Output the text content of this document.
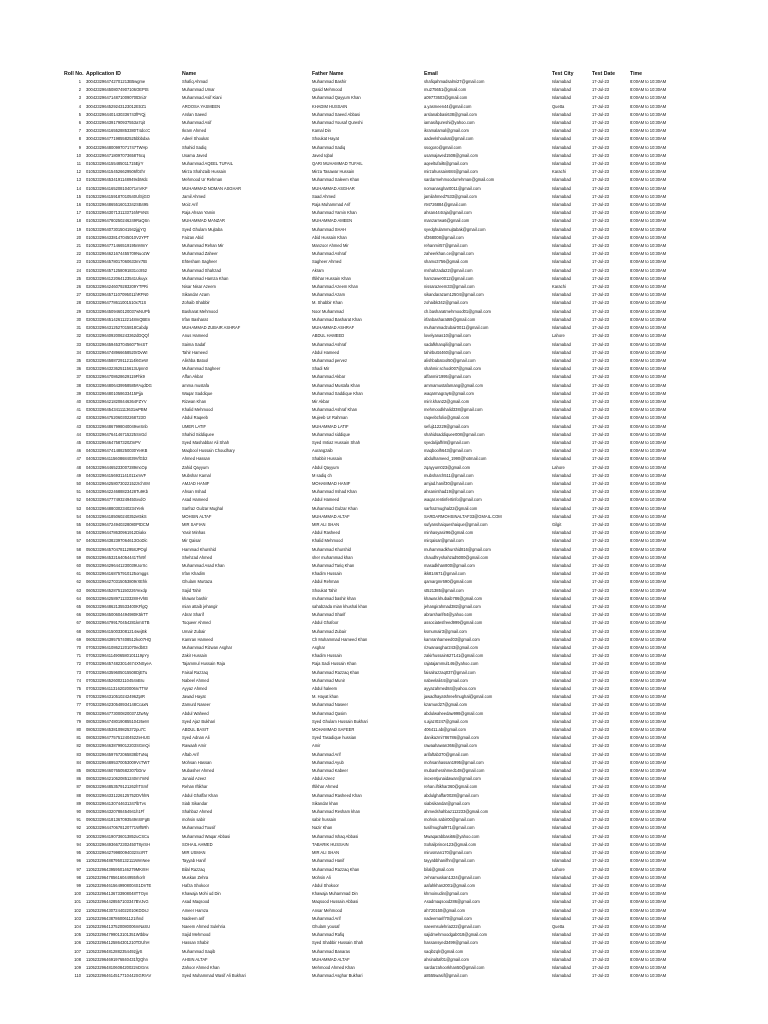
Roll No.	Application ID	Name	Father Name	Email	Test City	Test Date	Time
1	3004232964742701213B5wgme	Shafiq Ahmad	Muhammad Bashir	shafiqahmadsalmi27@gmail.com	Islamabad	17-Jul-23	8:00AM to 10:30AM
2	3004232964508074907106OEPtS	Muhammad Umar	Qasid Mehmood	mu275651@gmail.com	Islamabad	17-Jul-23	8:00AM to 10:30AM
3	3004232964714871009070tDniJr	Muhammad Asif Kiani	Muhammad Qayyum Khan	a09773603@gmail.com	Islamabad	17-Jul-23	8:00AM to 10:30AM
4	3004232964529243123012EtrZ1	AROOSA YASMEEN	KHADIM HUSSAIN	a.yasmeen44@gmail.com	Quetta	17-Jul-23	8:00AM to 10:30AM
5	3004232964401430336743fPrQj	Arslan Saeed	Muhammad Saeed Abbasi	arslanabbasi638@gmail.com	Islamabad	17-Jul-23	8:00AM to 10:30AM
6	3004232964391790937553a7qit	Muhammad Asif	Muhammad Yousaf Qureshi	iamasifqureshi@yahoo.com	Islamabad	17-Jul-23	8:00AM to 10:30AM
7	3004232964165528853380T4dccC	Ikram Ahmed	Kamal Din	ikramalamal@gmail.com	Islamabad	17-Jul-23	8:00AM to 10:30AM
8	3004232964771985582525bbbdxa	Adeel Shoukat	Shoukat Hayat	aadeelshoukat@gmail.com	Islamabad	17-Jul-23	8:00AM to 10:30AM
9	3004232964800997071747TWHp	Shahid Sadiq	Muhammad Sadiq	ssogoro@gmail.com	Islamabad	17-Jul-23	8:00AM to 10:30AM
10	3004232964718097073658T6cq	Usama Javed	Javed Iqbal	usamajaved1508@gmail.com	Islamabad	17-Jul-23	8:00AM to 10:30AM
11	0105232964155485011715EjrY	Muhammad AQEEL TUFAIL	QARI MUHAMMAD TUFAIL	aqeeltufail6@gmail.com	Islamabad	17-Jul-23	8:00AM to 10:30AM
12	0105232964154526629506f0zhr	Mirza Shahzaib Hussain	Mirza Tasawar Hussain	mirzahussain684@gmail.com	Karachi	17-Jul-23	8:00AM to 10:30AM
13	0105232964534191148949xbMdc	Mehmood Ur Rehman	Muhammad Saleem Khan	sardarmehmoodurrehman@gmail.com	Islamabad	17-Jul-23	8:00AM to 10:30AM
14	0105232964165208104071mVKF	MUHAMMAD NOMAN ASGHAR	MUHAMMAD ASGHAR	nomanasghar0011@gmail.com	Islamabad	17-Jul-23	8:00AM to 10:30AM
15	0105232964159187010540UlSjGO	Jamil Ahmed	Saad Ahmed	jamilahmed7533@gmail.com	Islamabad	17-Jul-23	8:00AM to 10:30AM
16	0105232964865516013342SB495	Moiz Arif	Raja Muhammad Arif	r94726884@gmail.com	Islamabad	17-Jul-23	8:00AM to 10:30AM
17	0105232964307131133716hPnNS	Raja Ahsan Yamin	Muhammad Yamin Khan	ahsan444raja@gmail.com	Islamabad	17-Jul-23	8:00AM to 10:30AM
18	0105232964780250246249RaQSn	MUHAMMAD MANZAR	MUHAMMAD AMEEN	manzarrwa6@gmail.com	Islamabad	17-Jul-23	8:00AM to 10:30AM
19	0105232964073015041942jgjYQ	Syed Ghulam Mujtaba	Muhammad SHAH	syedghulammujtabak@gmail.com	Islamabad	17-Jul-23	8:00AM to 10:30AM
20	0105232964338147045010V2YPT	Faizan Abid	Abid Hussain Khan	sf368008@gmail.com	Islamabad	17-Jul-23	8:00AM to 10:30AM
21	0105232964771466519195nMmY	Muhammad Rehan Mir	Manzoor Ahmed Mir	rehanmir57@gmail.com	Islamabad	17-Jul-23	8:00AM to 10:30AM
22	0105232964621674455709NuozW	Muhammad Zaheer	Muhammad Ashraf	zaheerkhan.ce@gmail.com	Islamabad	17-Jul-23	8:00AM to 10:30AM
23	0105232964578017060633mr7tB	Ehtesham Sagheer	Sagheer Ahmed	shamo3756@gmail.com	Islamabad	17-Jul-23	8:00AM to 10:30AM
24	0105232964571258091831cc852	Muhammad Shahzad	Akram	mshahzada22@gmail.com	Islamabad	17-Jul-23	8:00AM to 10:30AM
25	0205232964122064123541Ukuyx	Muhammad Hamza Khan	Iftikhar Hussain Khan	hamzawe0012@gmail.com	Islamabad	17-Jul-23	8:00AM to 10:30AM
26	0205232964246079283209YTPRi	Nisar Nisar Azeem	Muhammad Azeem Khan	nissarazeem33@gmail.com	Karachi	17-Jul-23	8:00AM to 10:30AM
27	0205232964571107095011hRFN0	Sikandar Azam	Muhammad Azam	sikandarazam12504@gmail.com	Islamabad	17-Jul-23	8:00AM to 10:30AM
28	0205232964778611001510x7t1S	Zohaib Shabbir	M. Shabbir Khan	zohaibk342@gmail.com	Islamabad	17-Jul-23	8:00AM to 10:30AM
29	0205232964509460120037wNUPb	Basharat Mehmood	Noor Muhammad	ch.basharatmehmood01@gmail.com	Islamabad	17-Jul-23	8:00AM to 10:30AM
30	0205232964514261122148mQBEn	Irfan Basharat	Muhammad Basharat Khan	irfanbasharat69@gmail.com	Islamabad	17-Jul-23	8:00AM to 10:30AM
31	0205232964312527015818Cabdp	MUHAMMAD ZUBAIR ASHRAF	MUHAMMAD ASHRAF	muhammadzubair0011@gmail.com	Islamabad	17-Jul-23	8:00AM to 10:30AM
32	0205232964092006243362dDQQf	Anus Hameed	ABDUL HAMEED	lovelyanas10@gmail.com	Lahore	17-Jul-23	8:00AM to 10:30AM
33	0205232964594537045607TesST	Saima Sadaf	Muhammad Ashraf	sadafkhanqili@gmail.com	Islamabad	17-Jul-23	8:00AM to 10:30AM
34	0205232964748966658520rDvWI	Tahir Hameed	Abdul Hameed	tahirbutt4460@gmail.com	Islamabad	17-Jul-23	8:00AM to 10:30AM
35	0205232964588729112114l6GeW	Alishba Batool	Muhammad pervez	alishbabatool50@gmail.com	Islamabad	17-Jul-23	8:00AM to 10:30AM
36	0205232964323625115613Upnn0	Muhammad Sagheer	Shadi Mir	shahmir.school007@gmail.com	Islamabad	17-Jul-23	8:00AM to 10:30AM
37	0305232964708628629119Fhk9	Affan Akbar	Muhammad Akbar	affanmir1995@gmail.com	Islamabad	17-Jul-23	8:00AM to 10:30AM
38	0305232964806439958585#AqdDG	amma mustafa	Muhammad Mustafa Khan	ammamustafamang@gmail.com	Islamabad	17-Jul-23	8:00AM to 10:30AM
39	0305232964801058633415Pjja	Waqar Saddique	Muhammad Saddique Khan	waqarmagray6@gmail.com	Islamabad	17-Jul-23	8:00AM to 10:30AM
40	0305232964218208446364FZYV	Rizwan Khan	Mir Akbar	mirir.khan22@gmail.com	Islamabad	17-Jul-23	8:00AM to 10:30AM
41	0305232964543411113631wPBM	Khalid Mehmood	Muhammad Ashraf Khan	mehmoodkhalid338@gmail.com	Islamabad	17-Jul-23	8:00AM to 10:30AM
42	0305232964752060302268723O	Abdul Raqeeb	Mujeeb Ur Rahman	raqeebcfolio@gmail.com	Islamabad	17-Jul-23	8:00AM to 10:30AM
43	0305232964867998040049veSnb	UMER LATIF	MUHAMMAD LATIF	sefuj112229@gmail.com	Islamabad	17-Jul-23	8:00AM to 10:30AM
44	0305232964764146715225SnGd	Shahid Siddiquee	Muhammad siddique	shahidsaddiquee008@gmail.com	Islamabad	17-Jul-23	8:00AM to 10:30AM
45	0305232964647587320ZmPV	Syed Mashabbar Ali Shah	Syed Imtiaz Hussain Shah	syedalijaffri8@gmail.com	Islamabad	17-Jul-23	8:00AM to 10:30AM
46	0405232964741488250030YeIKB	Maqbool Hussain Choudhary	Aurangzaib	maqboolh643@gmail.com	Islamabad	17-Jul-23	8:00AM to 10:30AM
47	0405232964115608684039VfGb2	Ahmed Hassan	Shabbir Hussain	abdulhameed_1990@hotmail.com	Islamabad	17-Jul-23	8:00AM to 10:30AM
48	0405232964465233007289mcOp	Zahid Qayyum	Abdul Qayyum	zqayyum023@gmail.com	Lahore	17-Jul-23	8:00AM to 10:30AM
49	0405232964156931141011xmVF	Mubshar Kamal	M sadiq ch	mubsharch511@gmail.com	Islamabad	17-Jul-23	8:00AM to 10:30AM
50	0405232964258073022152zIchXM	AMJAD HANIF	MOHAMMAD HANIF	amjad.hanif30@gmail.com	Islamabad	17-Jul-23	8:00AM to 10:30AM
51	0405232964224688823428Tu9Kb	Ahsan Irshad	Muhammad Irshad Khan	ahsanirshad19@gmail.com	Islamabad	17-Jul-23	8:00AM to 10:30AM
52	0405232964777493249450xvdO	Asad Hameed	Abdul Hameed	waqar.rentinfertinfo@gmail.com	Islamabad	17-Jul-23	8:00AM to 10:30AM
53	0405232964880302340234Yerk	Sarfraz Gulzar Mughal	Muhammad Gulzar Khan	sarfrazmughal22@gmail.com	Islamabad	17-Jul-23	8:00AM to 10:30AM
54	0405232964185060240352et5kS	MOHSIN ALTAF	MUHAMMAD ALTAF	SARDARMOHSINALTAF33@GMAIL.COM	Islamabad	17-Jul-23	8:00AM to 10:30AM
55	0405232964724940328080PtDCM	MIR SAFIAN	MIR ALI SHAN	sufyanshaiqueshaique@gmail.com	Gilgit	17-Jul-23	8:00AM to 10:30AM
56	0405232964478630961912Diakx	Yasir Minhas	Abdul Rasheed	minhasyasir96@gmail.com	Islamabad	17-Jul-23	8:00AM to 10:30AM
57	0405232964382397064613OoDlc	Mir Qaisar	Khalid Mehmood	mirqaisar@gmail.com	Islamabad	17-Jul-23	8:00AM to 10:30AM
58	0505232964570478112958JPOgl	Hammad Khurshid	Muhammad Khurshid	muhammadkhurshid816@gmail.com	Islamabad	17-Jul-23	8:00AM to 10:30AM
59	0505232964532164054441Thr9f	Shehzad Ahmed	sher muhammad khan	chaudhryshahzad5000@gmail.com	Islamabad	17-Jul-23	8:00AM to 10:30AM
60	0505232964296441230039UorXc	Muhammad Asad Khan	Muhammad Tariq Khan	masadkhan800@gmail.com	Islamabad	17-Jul-23	8:00AM to 10:30AM
61	0605232964168757910125omggs	Irfan Khadim	Khadim Hussain	ikk814671@gmail.com	Islamabad	17-Jul-23	8:00AM to 10:30AM
62	0605232964270315053809rXEhk	Ghulam Murtaza	Abdul Rehman	qamargmr690@gmail.com	Islamabad	17-Jul-23	8:00AM to 10:30AM
63	0605232964528751150226Yexdp	Sajid Tahir	Shoukat Tahir	st521385@gmail.com	Islamabad	17-Jul-23	8:00AM to 10:30AM
64	0605232964258971133328rHVhB	khawar bashir	muhammad bashir khan	khawar.khubaib786@gmail.com	Islamabad	17-Jul-23	8:00AM to 10:30AM
65	0605232964862135533400KFlgQ	mian attaib jehangir	sahabzada mian khushal khan	jehangirahmad382@gmail.com	Islamabad	17-Jul-23	8:00AM to 10:30AM
66	0605232964500604494980K5kTT	Abrar Sharif	Muhammad Sharif	abrarsharif64@yahoo.com	Islamabad	17-Jul-23	8:00AM to 10:30AM
67	0605232964799170454281kmSTB	Toqueer Ahmed	Abdul Ghafoor	associatesfreed999@gmail.com	Islamabad	17-Jul-23	8:00AM to 10:30AM
68	0605232964150033081214wvjBk	Umair Zubair	Muhammad Zubair	ksmumair3@gmail.com	Islamabad	17-Jul-23	8:00AM to 10:30AM
69	0605232964395757408512ko07HQ	Kamran Hameed	Ch Muhammad Hameed Khan	kamranhameed03@gmail.com	Islamabad	17-Jul-23	8:00AM to 10:30AM
70	0705232964108621201070edb03	Muhammad Rizwan Asghar	Asghar	rizwanasghar243@gmail.com	Islamabad	17-Jul-23	8:00AM to 10:30AM
71	0705232964114906580101119pYy	Zakir Hussain	Khadim Hussain	zakirhussain627141@gmail.com	Islamabad	17-Jul-23	8:00AM to 10:30AM
72	0705232964574823014674XNSyeA	Tajammul Hussain Raja	Raja Sadi Hussain Khan	rajatajammul146@yahoo.com	Islamabad	17-Jul-23	8:00AM to 10:30AM
73	0705232964359605015508DjETu	Faisal Razzaq	Muhammad Razzaq Khan	faisalrazzaq037@gmail.com	Islamabad	17-Jul-23	8:00AM to 10:30AM
74	0705232964526002110454nBru	Nabeel Ahmed	Muhammad Munir	nabeelali44@gmail.com	Islamabad	17-Jul-23	8:00AM to 10:30AM
75	0705232964113162020006IxTTW	Ayyaz Ahmed	Abdul haleem	ayyazahmed84@yahoo.com	Islamabad	17-Jul-23	8:00AM to 10:30AM
76	0705232964310510242496ZpIR	Jawad Hayat	M. Hayat khan	jawadhayatshreefmughal@gmail.com	Islamabad	17-Jul-23	8:00AM to 10:30AM
77	0705232964230548934148CcaxN	Zamurd Naseer	Muhammad Naseer	kzamurd27@gmail.com	Islamabad	17-Jul-23	8:00AM to 10:30AM
78	0805232964773000820037JZwNy	Abdul Waheed	Muhammad Qasim	abdulwaheedaw998@gmail.com	Islamabad	17-Jul-23	8:00AM to 10:30AM
79	0805232964748019085510426eM	Syed Ajaz Bukhari	Syed Ghulam Hussain Bukhari	s.ajazr0247@gmail.com	Islamabad	17-Jul-23	8:00AM to 10:30AM
80	0805232964538109825372pu7C	ABDUL BASIT	MOHAMMAD SAFEER	406411.ab@gmail.com	Islamabad	17-Jul-23	8:00AM to 10:30AM
81	0805232964775751240452ZeHUG	Syed Adnan Ali	Syed Tasadique hussian	danikazmi786786@gmail.com	Islamabad	17-Jul-23	8:00AM to 10:30AM
82	0805232964638799012203SGmQi	Rawaah Amir	Amir	rawaahawan366@gmail.com	Islamabad	17-Jul-23	8:00AM to 10:30AM
83	0805232964597672065838bTuNq	Aftab Arif	Muhammad Arif	arifaftab370@gmail.com	Islamabad	17-Jul-23	8:00AM to 10:30AM
84	0805232964895370053009VcTWT	Mohsan Hassan	Muhammad Ayub	mohsanhassan1995@gmail.com	Islamabad	17-Jul-23	8:00AM to 10:30AM
85	0805232964607650582307bDnv	Mubasher Ahmed	Muhammad Kabeer	mubasherahmed148@gmail.com	Islamabad	17-Jul-23	8:00AM to 10:30AM
86	0805232964210620851240m7mNl	Junaid Azeez	Abdul Azeez	inoxentjunaidawan@gmail.com	Islamabad	17-Jul-23	8:00AM to 10:30AM
87	0805232964853579121262hTSmf	Rehan Iftikhar	Iftikhar Ahmed	rehan.iftikhar360@gmail.com	Islamabad	17-Jul-23	8:00AM to 10:30AM
88	0905232964331226125752DVhhN	Abdul Ghaffar Khan	Muhammad Rasheed Khan	abdulghaffar0028@gmail.com	Islamabad	17-Jul-23	8:00AM to 10:30AM
89	0905232964130744631347lbTvs	Siab Sikandar	Sikandar khan	siabsikandar@gmail.com	Islamabad	17-Jul-23	8:00AM to 10:30AM
90	0905232964320788454941h1Ff	Shahbaz Ahmed	Muhammad Resham khan	ahmedshahbaz112233@gmail.com	Islamabad	17-Jul-23	8:00AM to 10:30AM
91	0905232964181367093549nSIFgB	mohsin sabir	sabir hussain	mohsin.sabir00@gmail.com	Islamabad	17-Jul-23	8:00AM to 10:30AM
92	1005232964470678120771Wf5Rh	Muhammad Tousif	Nazir Khan	tusifmughal971@gmail.com	Islamabad	17-Jul-23	8:00AM to 10:30AM
93	1005232964190736013852uCSCu	Muhammad Waqar Abbasi	Muhammad Ishaq Abbasi	Mwaqarabbasi66@yahoo.com	Islamabad	17-Jul-23	8:00AM to 10:30AM
94	1005232964936672302450T8yrSH	SOHAIL AHMED	TABARIK HUSSAIN	Sohailprince123@gmail.com	Islamabad	17-Jul-23	8:00AM to 10:30AM
95	1005232964279980094032ScrRT	MIR USMAN	MIR ALI SHAN	mirusman170@gmail.com	Islamabad	17-Jul-23	8:00AM to 10:30AM
96	1105232964887950132111WmNee	Tayyab Hanif	Muhammad Hanif	tayyabbhanifhn@gmail.com	Islamabad	17-Jul-23	8:00AM to 10:30AM
97	1105232964395950146279MKr8H	Bilal Razzaq	Muhammad Razzaq Khan	bilal@gmail.com	Lahore	17-Jul-23	8:00AM to 10:30AM
98	1105232964785616044955Ihorlr	Muskan Zehra	Mohsin Ali	zehramuskan1324@gmail.com	Islamabad	17-Jul-23	8:00AM to 10:30AM
99	1105232964615649908004S1DnTE	Hafza Shokoor	Abdul Shokoor	aafahkhan2001@gmail.com	Islamabad	17-Jul-23	8:00AM to 10:30AM
100	1105232964136733908048TTOyn	Khawaja Mohi ud Din	Khawaja Muhammad Din	khmoinudin@gmail.com	Islamabad	17-Jul-23	8:00AM to 10:30AM
101	1105232964428557103347BVJvG	Asad Maqsood	Maqsood Hussain Abbasi	Asadmaqsood286@gmail.com	Islamabad	17-Jul-23	8:00AM to 10:30AM
102	1105232964307244022010KDDsJ	Ameer Hamza	Ansar Mehmood	ah720150@gmail.com	Islamabad	17-Jul-23	8:00AM to 10:30AM
103	1105232964387860061121Ihnd	Nadeem arif	Muhammad Arif	nadeemarif70@gmail.com	Islamabad	17-Jul-23	8:00AM to 10:30AM
104	1105232964137520080006mNaSU	Naeem Ahmed Sulehria	Ghulam yousaf	naeemsulehria222@gmail.com	Quetta	17-Jul-23	8:00AM to 10:30AM
105	1105232964799013101351Wtbbw	Sajid Mehmood	Muhammad Rafiq	sajidmehmoodgab018@gmail.com	Islamabad	17-Jul-23	8:00AM to 10:30AM
106	1105232964125864301210TDUhH	Hassan Shabir	Syed Shabbir Hussain Shah	hassansyed3499@gmail.com	Islamabad	17-Jul-23	8:00AM to 10:30AM
107	1105232964812882354492jjyS	Muhammad Saqib	Muhammad Banaras	saqibzqlr@gmail.com	Islamabad	17-Jul-23	8:00AM to 10:30AM
108	1105232964691976840431fQQhn	AHSIN ALTAF	MUHAMMAD ALTAF	ahsinaltaf01@gmail.com	Islamabad	17-Jul-23	8:00AM to 10:30AM
109	1105232964810608420022nDGns	Zahoor Ahmed Khan	Mehmood Ahmed Khan	sardarzahoorkhan50@gmail.com	Islamabad	17-Jul-23	8:00AM to 10:30AM
110	1105232964614517710442SGRrAV	Syed Muhammad Wasif Ali Bukhari	Muhammad Asghar Bukhari	a8555wasif@gmail.com	Islamabad	17-Jul-23	8:00AM to 10:30AM
